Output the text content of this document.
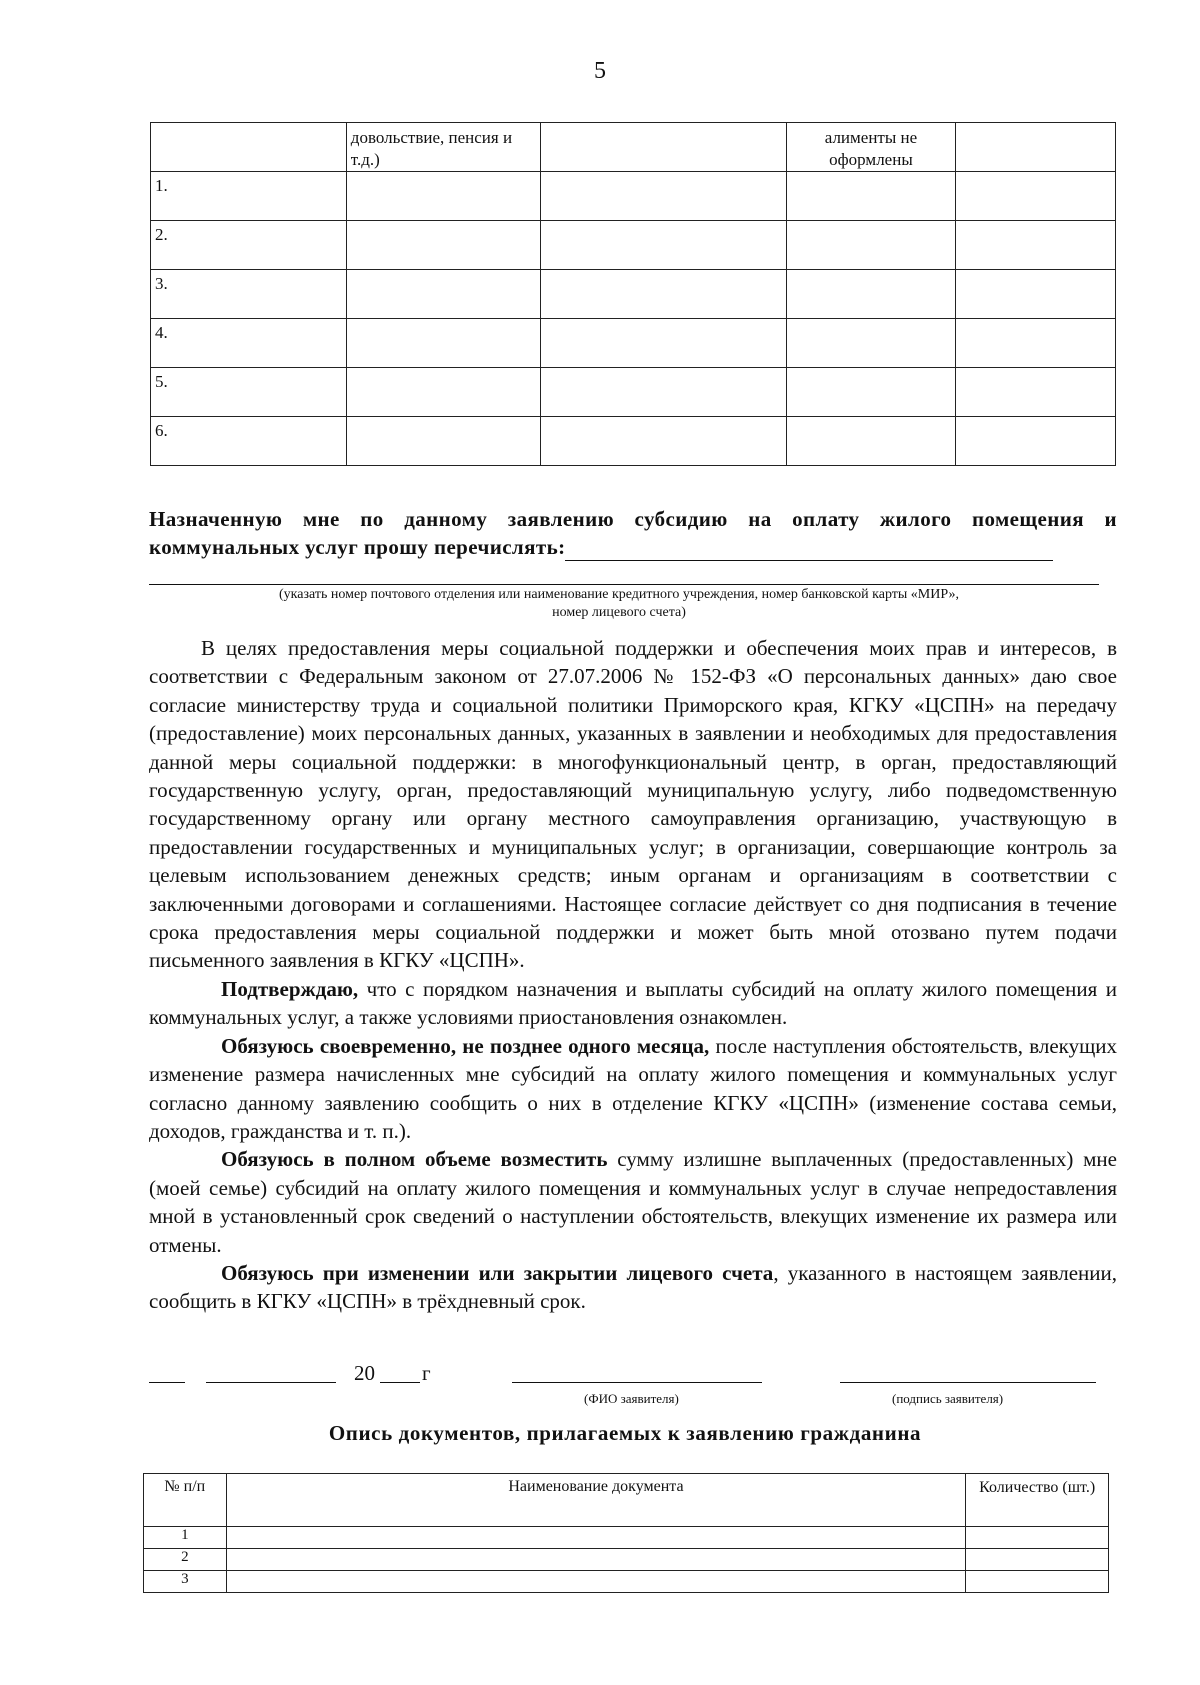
5
	довольствие, пенсия и т.д.)		алименты не оформлены	
1.				
2.				
3.				
4.				
5.				
6.				
Назначенную мне по данному заявлению субсидию на оплату жилого помещения и коммунальных услуг прошу перечислять:
(указать номер почтового отделения или наименование кредитного учреждения, номер банковской карты «МИР»,
номер лицевого счета)

В целях предоставления меры социальной поддержки и обеспечения моих прав и интересов, в соответствии с Федеральным законом от 27.07.2006 № 152-ФЗ «О персональных данных» даю свое согласие министерству труда и социальной политики Приморского края, КГКУ «ЦСПН» на передачу (предоставление) моих персональных данных, указанных в заявлении и необходимых для предоставления данной меры социальной поддержки: в многофункциональный центр, в орган, предоставляющий государственную услугу, орган, предоставляющий муниципальную услугу, либо подведомственную государственному органу или органу местного самоуправления организацию, участвующую в предоставлении государственных и муниципальных услуг; в организации, совершающие контроль за целевым использованием денежных средств; иным органам и организациям в соответствии с заключенными договорами и соглашениями. Настоящее согласие действует со дня подписания в течение срока предоставления меры социальной поддержки и может быть мной отозвано путем подачи письменного заявления в КГКУ «ЦСПН».

Подтверждаю, что с порядком назначения и выплаты субсидий на оплату жилого помещения и коммунальных услуг, а также условиями приостановления ознакомлен.

Обязуюсь своевременно, не позднее одного месяца, после наступления обстоятельств, влекущих изменение размера начисленных мне субсидий на оплату жилого помещения и коммунальных услуг согласно данному заявлению сообщить о них в отделение КГКУ «ЦСПН» (изменение состава семьи, доходов, гражданства и т. п.).

Обязуюсь в полном объеме возместить сумму излишне выплаченных (предоставленных) мне (моей семье) субсидий на оплату жилого помещения и коммунальных услуг в случае непредоставления мной в установленный срок сведений о наступлении обстоятельств, влекущих изменение их размера или отмены.

Обязуюсь при изменении или закрытии лицевого счета, указанного в настоящем заявлении, сообщить в КГКУ «ЦСПН» в трёхдневный срок.

20 г
(ФИО заявителя)	(подпись заявителя)
Опись документов, прилагаемых к заявлению гражданина
№ п/п	Наименование документа	Количество (шт.)
1		
2		
3		
